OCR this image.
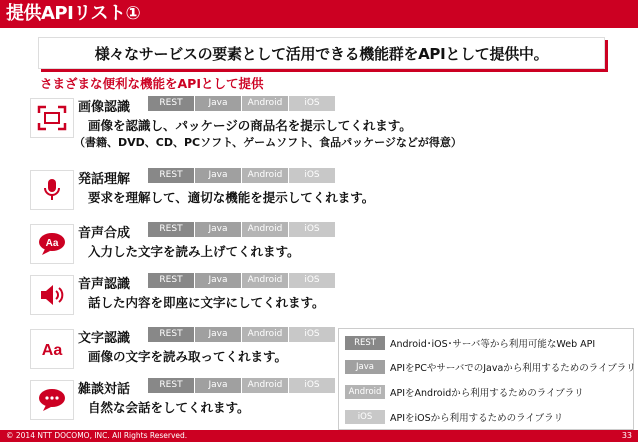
提供APIリスト①
様々なサービスの要素として活用できる機能群をAPIとして提供中。
さまざまな便利な機能をAPIとして提供
画像認識	REST	Java	Android	iOS
画像を認識し、パッケージの商品名を提示してくれます。
（書籍、DVD、CD、PCソフト、ゲームソフト、食品パッケージなどが得意）
発話理解	REST	Java	Android	iOS
要求を理解して、適切な機能を提示してくれます。
Aa
音声合成	REST	Java	Android	iOS
入力した文字を読み上げてくれます。
音声認識	REST	Java	Android	iOS
話した内容を即座に文字にしてくれます。
Aa
文字認識	REST	Java	Android	iOS
画像の文字を読み取ってくれます。
雑談対話	REST	Java	Android	iOS
自然な会話をしてくれます。
REST	Android･iOS･サーバ等から利用可能なWeb API
Java	APIをPCやサーバでのJavaから利用するためのライブラリ
Android APIをAndroidから利用するためのライブラリ
iOS	APIをiOSから利用するためのライブラリ
© 2014 NTT DOCOMO, INC. All Rights Reserved.	33
